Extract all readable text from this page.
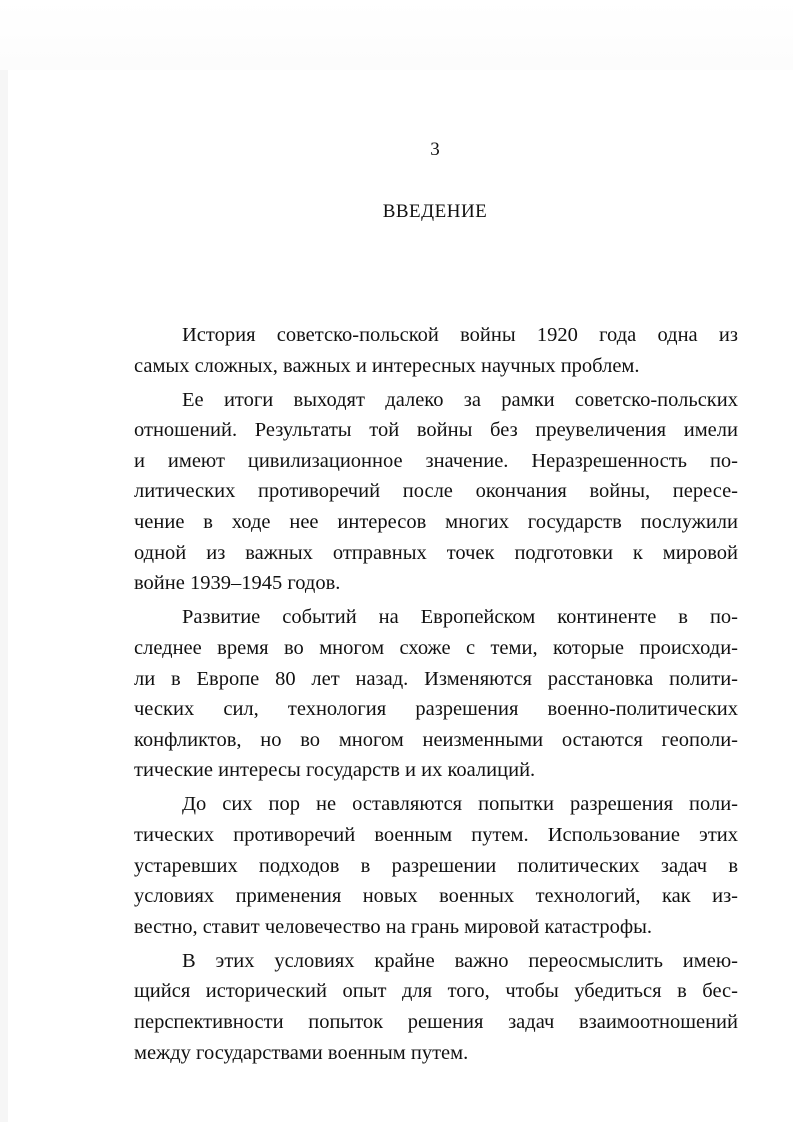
3
ВВЕДЕНИЕ
История советско-польской войны 1920 года одна из
самых сложных, важных и интересных научных проблем.
Ее итоги выходят далеко за рамки советско-польских
отношений. Результаты той войны без преувеличения имели
и имеют цивилизационное значение. Неразрешенность по-
литических противоречий после окончания войны, пересе-
чение в ходе нее интересов многих государств послужили
одной из важных отправных точек подготовки к мировой
войне 1939–1945 годов.
Развитие событий на Европейском континенте в по-
следнее время во многом схоже с теми, которые происходи-
ли в Европе 80 лет назад. Изменяются расстановка полити-
ческих сил, технология разрешения военно-политических
конфликтов, но во многом неизменными остаются геополи-
тические интересы государств и их коалиций.
До сих пор не оставляются попытки разрешения поли-
тических противоречий военным путем. Использование этих
устаревших подходов в разрешении политических задач в
условиях применения новых военных технологий, как из-
вестно, ставит человечество на грань мировой катастрофы.
В этих условиях крайне важно переосмыслить имею-
щийся исторический опыт для того, чтобы убедиться в бес-
перспективности попыток решения задач взаимоотношений
между государствами военным путем.
